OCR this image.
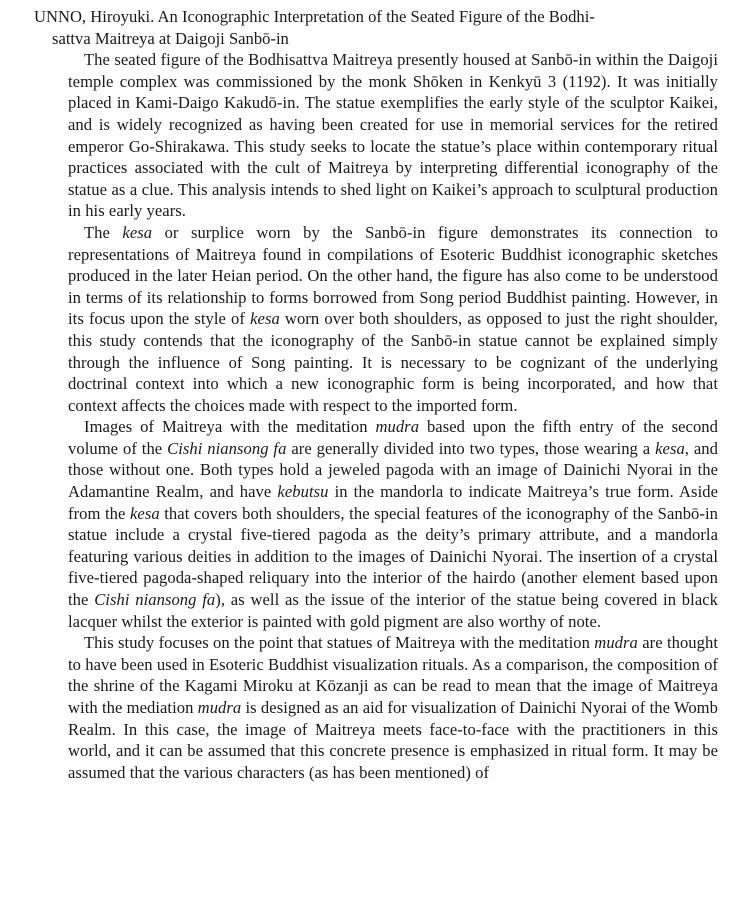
UNNO, Hiroyuki. An Iconographic Interpretation of the Seated Figure of the Bodhi-
sattva Maitreya at Daigoji Sanbō-in

The seated figure of the Bodhisattva Maitreya presently housed at Sanbō-in within the Daigoji temple complex was commissioned by the monk Shōken in Kenkyū 3 (1192). It was initially placed in Kami-Daigo Kakudō-in. The statue exemplifies the early style of the sculptor Kaikei, and is widely recognized as having been created for use in memorial services for the retired emperor Go-Shirakawa. This study seeks to locate the statue’s place within contemporary ritual practices associated with the cult of Maitreya by interpreting differential iconography of the statue as a clue. This analysis intends to shed light on Kaikei’s approach to sculptural production in his early years.

The kesa or surplice worn by the Sanbō-in figure demonstrates its connection to representations of Maitreya found in compilations of Esoteric Buddhist iconographic sketches produced in the later Heian period. On the other hand, the figure has also come to be understood in terms of its relationship to forms borrowed from Song period Buddhist painting. However, in its focus upon the style of kesa worn over both shoulders, as opposed to just the right shoulder, this study contends that the iconography of the Sanbō-in statue cannot be explained simply through the influence of Song painting. It is necessary to be cognizant of the underlying doctrinal context into which a new iconographic form is being incorporated, and how that context affects the choices made with respect to the imported form.

Images of Maitreya with the meditation mudra based upon the fifth entry of the second volume of the Cishi niansong fa are generally divided into two types, those wearing a kesa, and those without one. Both types hold a jeweled pagoda with an image of Dainichi Nyorai in the Adamantine Realm, and have kebutsu in the mandorla to indicate Maitreya’s true form. Aside from the kesa that covers both shoulders, the special features of the iconography of the Sanbō-in statue include a crystal five-tiered pagoda as the deity’s primary attribute, and a mandorla featuring various deities in addition to the images of Dainichi Nyorai. The insertion of a crystal five-tiered pagoda-shaped reliquary into the interior of the hairdo (another element based upon the Cishi niansong fa), as well as the issue of the interior of the statue being covered in black lacquer whilst the exterior is painted with gold pigment are also worthy of note.

This study focuses on the point that statues of Maitreya with the meditation mudra are thought to have been used in Esoteric Buddhist visualization rituals. As a comparison, the composition of the shrine of the Kagami Miroku at Kōzanji as can be read to mean that the image of Maitreya with the mediation mudra is designed as an aid for visualization of Dainichi Nyorai of the Womb Realm. In this case, the image of Maitreya meets face-to-face with the practitioners in this world, and it can be assumed that this concrete presence is emphasized in ritual form. It may be assumed that the various characters (as has been mentioned) of
